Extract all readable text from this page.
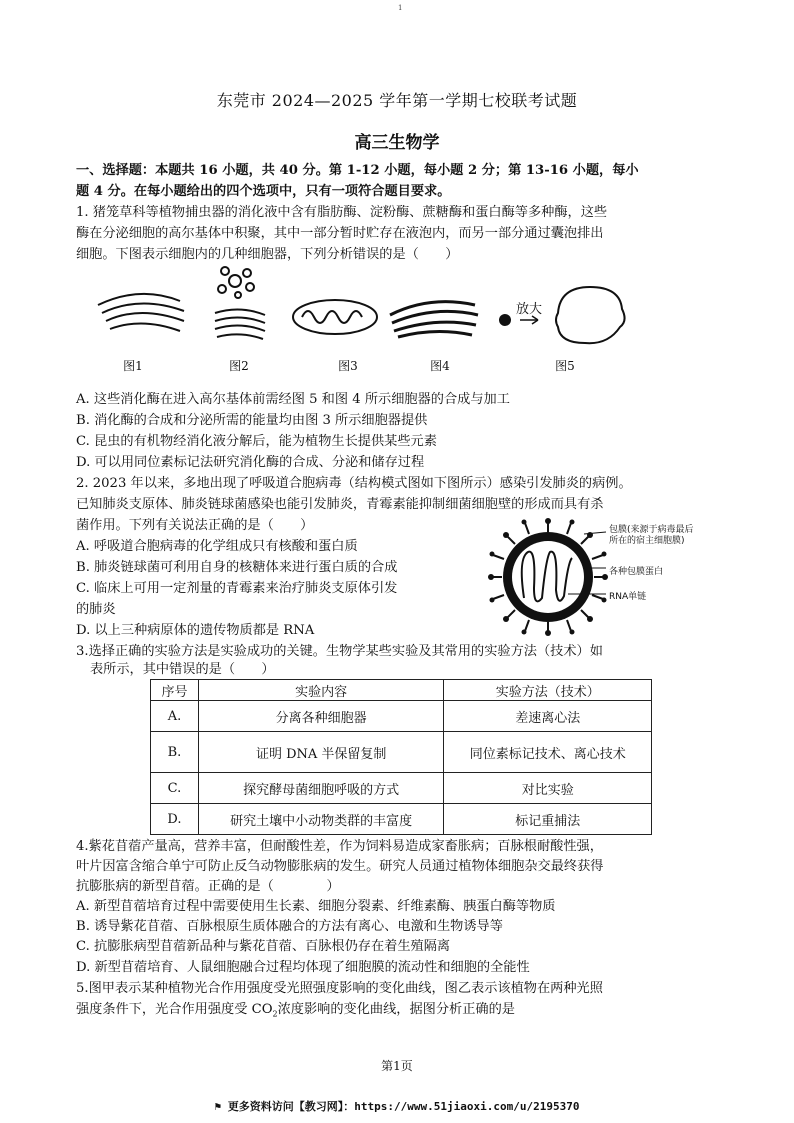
1
东莞市 2024—2025 学年第一学期七校联考试题
高三生物学
一、选择题：本题共 16 小题，共 40 分。第 1-12 小题，每小题 2 分；第 13-16 小题，每小
题 4 分。在每小题给出的四个选项中，只有一项符合题目要求。
1. 猪笼草科等植物捕虫器的消化液中含有脂肪酶、淀粉酶、蔗糖酶和蛋白酶等多种酶，这些
酶在分泌细胞的高尔基体中积聚，其中一部分暂时贮存在液泡内，而另一部分通过囊泡排出
细胞。下图表示细胞内的几种细胞器，下列分析错误的是（　　）
放大
图1	图2	图3	图4	图5
A. 这些消化酶在进入高尔基体前需经图 5 和图 4 所示细胞器的合成与加工
B. 消化酶的合成和分泌所需的能量均由图 3 所示细胞器提供
C. 昆虫的有机物经消化液分解后，能为植物生长提供某些元素
D. 可以用同位素标记法研究消化酶的合成、分泌和储存过程
2. 2023 年以来，多地出现了呼吸道合胞病毒（结构模式图如下图所示）感染引发肺炎的病例。
已知肺炎支原体、肺炎链球菌感染也能引发肺炎，青霉素能抑制细菌细胞壁的形成而具有杀
菌作用。下列有关说法正确的是（　　）
A. 呼吸道合胞病毒的化学组成只有核酸和蛋白质
B. 肺炎链球菌可利用自身的核糖体来进行蛋白质的合成
C. 临床上可用一定剂量的青霉素来治疗肺炎支原体引发
的肺炎
D. 以上三种病原体的遗传物质都是 RNA
包膜(来源于病毒最后
所在的宿主细胞膜)
各种包膜蛋白
RNA单链
3.选择正确的实验方法是实验成功的关键。生物学某些实验及其常用的实验方法（技术）如
表所示，其中错误的是（　　）
序号	实验内容	实验方法（技术）
A.	分离各种细胞器	差速离心法
B.	证明 DNA 半保留复制	同位素标记技术、离心技术
C.	探究酵母菌细胞呼吸的方式	对比实验
D.	研究土壤中小动物类群的丰富度	标记重捕法
4.紫花苜蓿产量高，营养丰富，但耐酸性差，作为饲料易造成家畜胀病；百脉根耐酸性强，
叶片因富含缩合单宁可防止反刍动物膨胀病的发生。研究人员通过植物体细胞杂交最终获得
抗膨胀病的新型苜蓿。正确的是（　　　　）
A. 新型苜蓿培育过程中需要使用生长素、细胞分裂素、纤维素酶、胰蛋白酶等物质
B. 诱导紫花苜蓿、百脉根原生质体融合的方法有离心、电激和生物诱导等
C. 抗膨胀病型苜蓿新品种与紫花苜蓿、百脉根仍存在着生殖隔离
D. 新型苜蓿培育、人鼠细胞融合过程均体现了细胞膜的流动性和细胞的全能性
5.图甲表示某种植物光合作用强度受光照强度影响的变化曲线，图乙表示该植物在两种光照
强度条件下，光合作用强度受 $CO_2$浓度影响的变化曲线，据图分析正确的是
第1页
⚑ 更多资料访问【教习网】：https://www.51jiaoxi.com/u/2195370
